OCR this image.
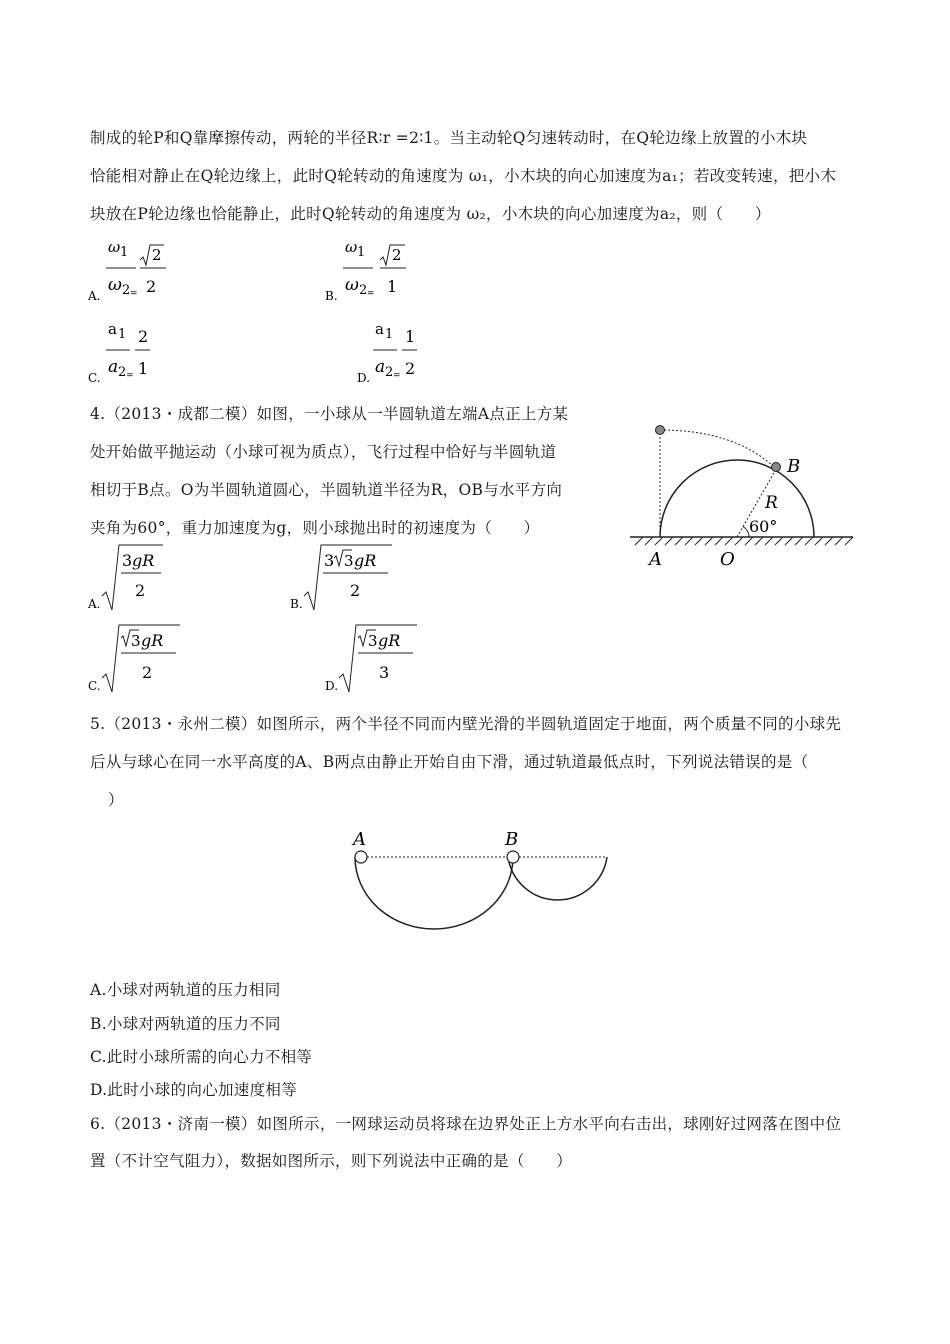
制成的轮P和Q靠摩擦传动，两轮的半径R∶r =2∶1。当主动轮Q匀速转动时，在Q轮边缘上放置的小木块
恰能相对静止在Q轮边缘上，此时Q轮转动的角速度为 ω₁，小木块的向心加速度为a₁；若改变转速，把小木
块放在P轮边缘也恰能静止，此时Q轮转动的角速度为 ω₂，小木块的向心加速度为a₂，则（　　）
A.
ω 1
ω 2 =
2
2	B.
ω 1
ω 2 =
2
1
C.
a 1
a 2 =
2
1	D.
a 1
a 2 =
1
2
4.（2013・成都二模）如图，一小球从一半圆轨道左端A点正上方某
处开始做平抛运动（小球可视为质点），飞行过程中恰好与半圆轨道
相切于B点。O为半圆轨道圆心，半圆轨道半径为R，OB与水平方向
夹角为60°，重力加速度为g，则小球抛出时的初速度为（　　）
B
R
60°
A	O
A.
3 gR
2
B.
3 3 gR
2
C.
3 gR
2
D.
3 gR
3
5.（2013・永州二模）如图所示，两个半径不同而内壁光滑的半圆轨道固定于地面，两个质量不同的小球先
后从与球心在同一水平高度的A、B两点由静止开始自由下滑，通过轨道最低点时，下列说法错误的是（
）
A	B
A.小球对两轨道的压力相同
B.小球对两轨道的压力不同
C.此时小球所需的向心力不相等
D.此时小球的向心加速度相等
6.（2013・济南一模）如图所示，一网球运动员将球在边界处正上方水平向右击出，球刚好过网落在图中位
置（不计空气阻力），数据如图所示，则下列说法中正确的是（　　）
